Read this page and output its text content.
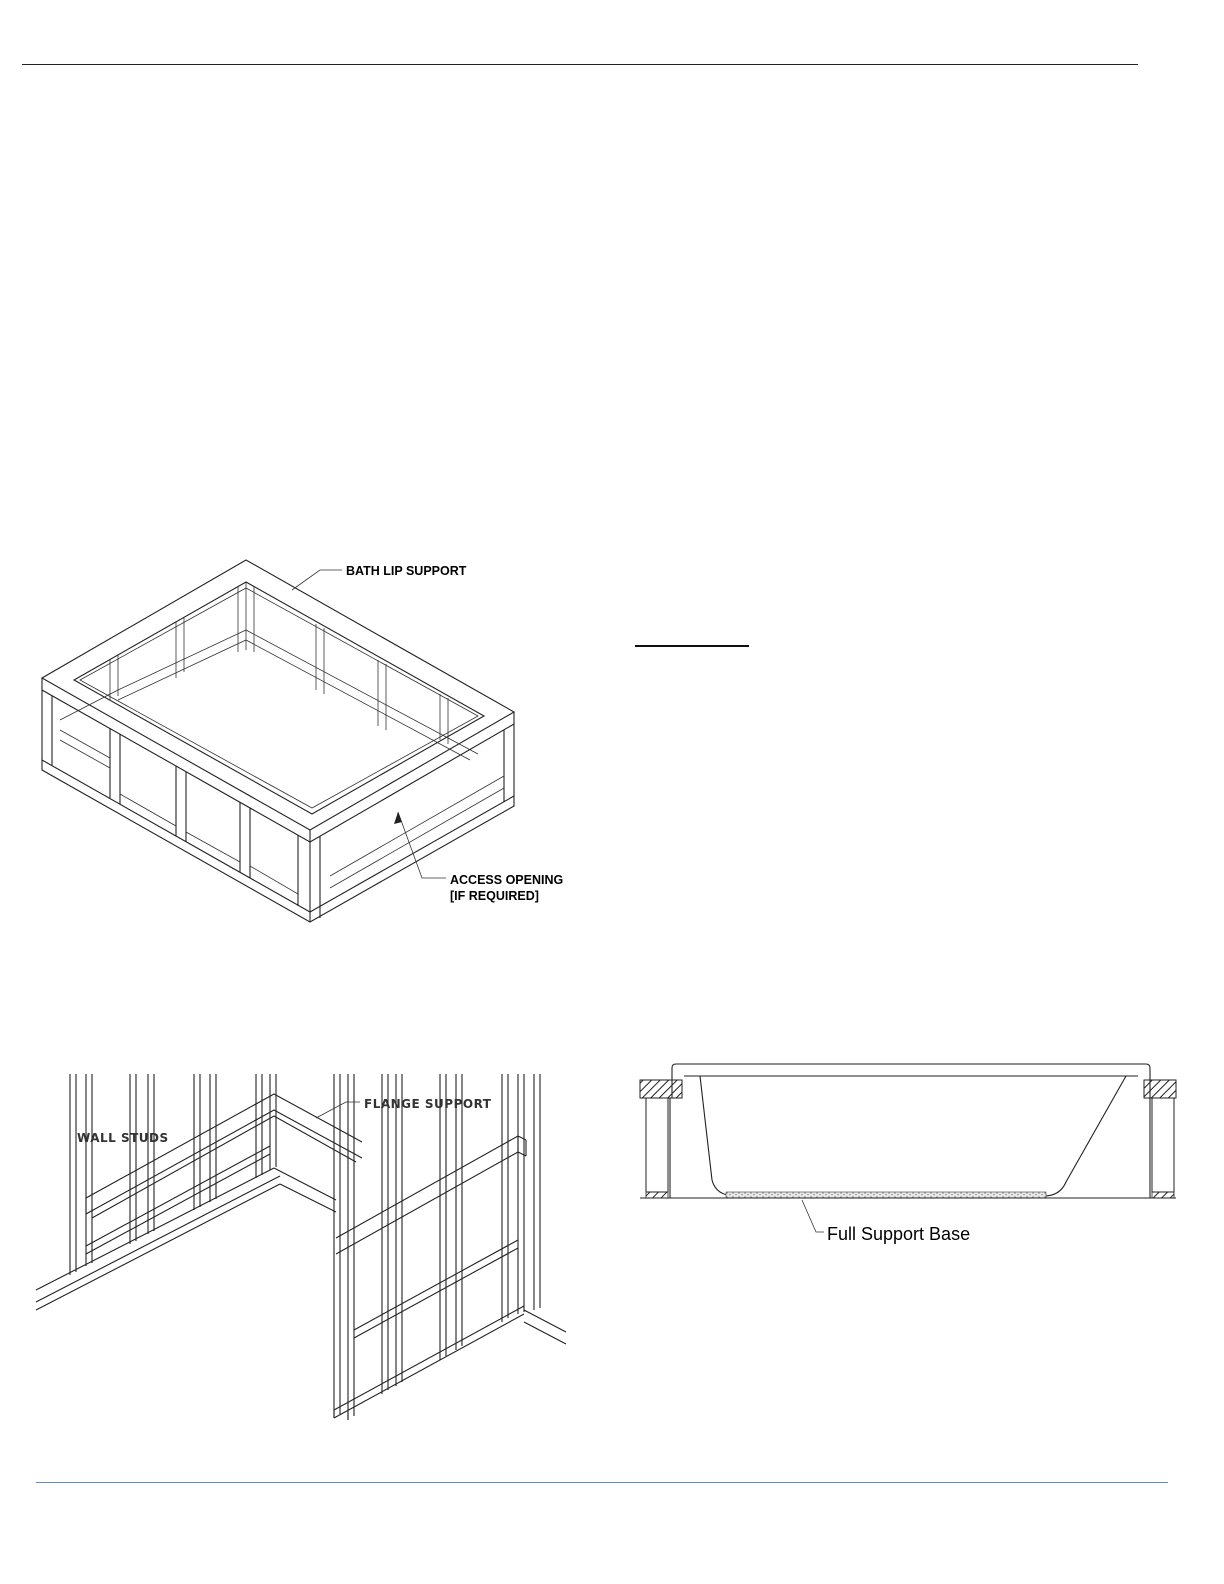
BATH LIP SUPPORT
ACCESS OPENING
[IF REQUIRED]
FLANGE SUPPORT
WALL STUDS
Full Support Base
